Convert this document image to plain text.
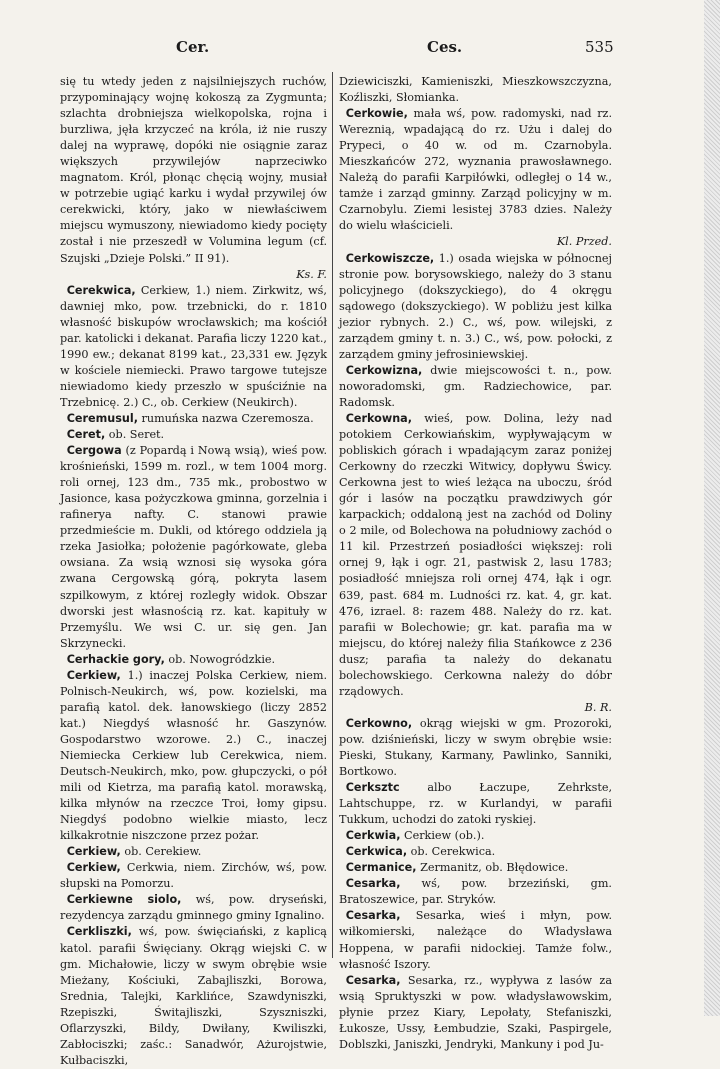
Cer.	Ces.	535

się tu wtedy jeden z najsilniejszych ruchów, przypominający wojnę kokoszą za Zygmunta; szlachta drobniejsza wielkopolska, rojna i burzliwa, jęła krzyczeć na króla, iż nie ruszy dalej na wyprawę, dopóki nie osiągnie zaraz większych przywilejów naprzeciwko magnatom. Król, płonąc chęcią wojny, musiał w potrzebie ugiąć karku i wydał przywilej ów cerekwicki, który, jako w niewłaściwem miejscu wymuszony, niewiadomo kiedy pocięty został i nie przeszedł w Volumina legum (cf. Szujski „Dzieje Polski.” II 91).

Ks. F.

Cerekwica, Cerkiew, 1.) niem. Zirkwitz, wś, dawniej mko, pow. trzebnicki, do r. 1810 własność biskupów wrocławskich; ma kościół par. katolicki i dekanat. Parafia liczy 1220 kat., 1990 ew.; dekanat 8199 kat., 23,331 ew. Język w kościele niemiecki. Prawo targowe tutejsze niewiadomo kiedy przeszło w spuściźnie na Trzebnicę. 2.) C., ob. Cerkiew (Neukirch).

Ceremusul, rumuńska nazwa Czeremosza.

Ceret, ob. Seret.

Cergowa (z Popardą i Nową wsią), wieś pow. krośnieński, 1599 m. rozl., w tem 1004 morg. roli ornej, 123 dm., 735 mk., probostwo w Jasionce, kasa pożyczkowa gminna, gorzelnia i rafinerya nafty. C. stanowi prawie przedmieście m. Dukli, od którego oddziela ją rzeka Jasiołka; położenie pagórkowate, gleba owsiana. Za wsią wznosi się wysoka góra zwana Cergowską górą, pokryta lasem szpilkowym, z której rozległy widok. Obszar dworski jest własnością rz. kat. kapituły w Przemyślu. We wsi C. ur. się gen. Jan Skrzynecki.

Cerhackie gory, ob. Nowogródzkie.

Cerkiew, 1.) inaczej Polska Cerkiew, niem. Polnisch-Neukirch, wś, pow. kozielski, ma parafią katol. dek. łanowskiego (liczy 2852 kat.) Niegdyś własność hr. Gaszynów. Gospodarstwo wzorowe. 2.) C., inaczej Niemiecka Cerkiew lub Cerekwica, niem. Deutsch-Neukirch, mko, pow. głupczycki, o pół mili od Kietrza, ma parafią katol. morawską, kilka młynów na rzeczce Troi, łomy gipsu. Niegdyś podobno wielkie miasto, lecz kilkakrotnie niszczone przez pożar.

Cerkiew, ob. Cerekiew.

Cerkiew, Cerkwia, niem. Zirchów, wś, pow. słupski na Pomorzu.

Cerkiewne siolo, wś, pow. dryseński, rezydencya zarządu gminnego gminy Ignalino.

Cerkliszki, wś, pow. święciański, z kaplicą katol. parafii Święciany. Okrąg wiejski C. w gm. Michałowie, liczy w swym obrębie wsie Mieżany, Kościuki, Zabajliszki, Borowa, Srednia, Talejki, Karklińce, Szawdyniszki, Rzepiszki, Świtajliszki, Szyszniszki, Oflarzyszki, Bildy, Dwiłany, Kwiliszki, Zabłociszki; zaśc.: Sanadwór, Ażurojstwie, Kułbaciszki,

Dziewiciszki, Kamieniszki, Mieszkowszczyzna, Koźliszki, Słomianka.

Cerkowie, mała wś, pow. radomyski, nad rz. Wereznią, wpadającą do rz. Użu i dalej do Prypeci, o 40 w. od m. Czarnobyla. Mieszkańców 272, wyznania prawosławnego. Należą do parafii Karpiłówki, odległej o 14 w., tamże i zarząd gminny. Zarząd policyjny w m. Czarnobylu. Ziemi lesistej 3783 dzies. Należy do wielu właścicieli.

Kl. Przed.

Cerkowiszcze, 1.) osada wiejska w północnej stronie pow. borysowskiego, należy do 3 stanu policyjnego (dokszyckiego), do 4 okręgu sądowego (dokszyckiego). W pobliżu jest kilka jezior rybnych. 2.) C., wś, pow. wilejski, z zarządem gminy t. n. 3.) C., wś, pow. połocki, z zarządem gminy jefrosiniewskiej.

Cerkowizna, dwie miejscowości t. n., pow. noworadomski, gm. Radziechowice, par. Radomsk.

Cerkowna, wieś, pow. Dolina, leży nad potokiem Cerkowiańskim, wypływającym w pobliskich górach i wpadającym zaraz poniżej Cerkowny do rzeczki Witwicy, dopływu Świcy. Cerkowna jest to wieś leżąca na uboczu, śród gór i lasów na początku prawdziwych gór karpackich; oddaloną jest na zachód od Doliny o 2 mile, od Bolechowa na południowy zachód o 11 kil. Przestrzeń posiadłości większej: roli ornej 9, łąk i ogr. 21, pastwisk 2, lasu 1783; posiadłość mniejsza roli ornej 474, łąk i ogr. 639, past. 684 m. Ludności rz. kat. 4, gr. kat. 476, izrael. 8: razem 488. Należy do rz. kat. parafii w Bolechowie; gr. kat. parafia ma w miejscu, do której należy filia Stańkowce z 236 dusz; parafia ta należy do dekanatu bolechowskiego. Cerkowna należy do dóbr rządowych.

B. R.

Cerkowno, okrąg wiejski w gm. Prozoroki, pow. dziśnieński, liczy w swym obrębie wsie: Pieski, Stukany, Karmany, Pawlinko, Sanniki, Bortkowo.

Cerksztc albo Łaczupe, Zehrkste, Lahtschuppe, rz. w Kurlandyi, w parafii Tukkum, uchodzi do zatoki ryskiej.

Cerkwia, Cerkiew (ob.).

Cerkwica, ob. Cerekwica.

Cermanice, Zermanitz, ob. Błędowice.

Cesarka, wś, pow. brzeziński, gm. Bratoszewice, par. Stryków.

Cesarka, Sesarka, wieś i młyn, pow. wiłkomierski, należące do Władysława Hoppena, w parafii nidockiej. Tamże folw., własność Iszory.

Cesarka, Sesarka, rz., wypływa z lasów za wsią Spruktyszki w pow. władysławowskim, płynie przez Kiary, Lepołaty, Stefaniszki, Łukosze, Ussy, Łembudzie, Szaki, Paspirgele, Doblszki, Janiszki, Jendryki, Mankuny i pod Ju-
